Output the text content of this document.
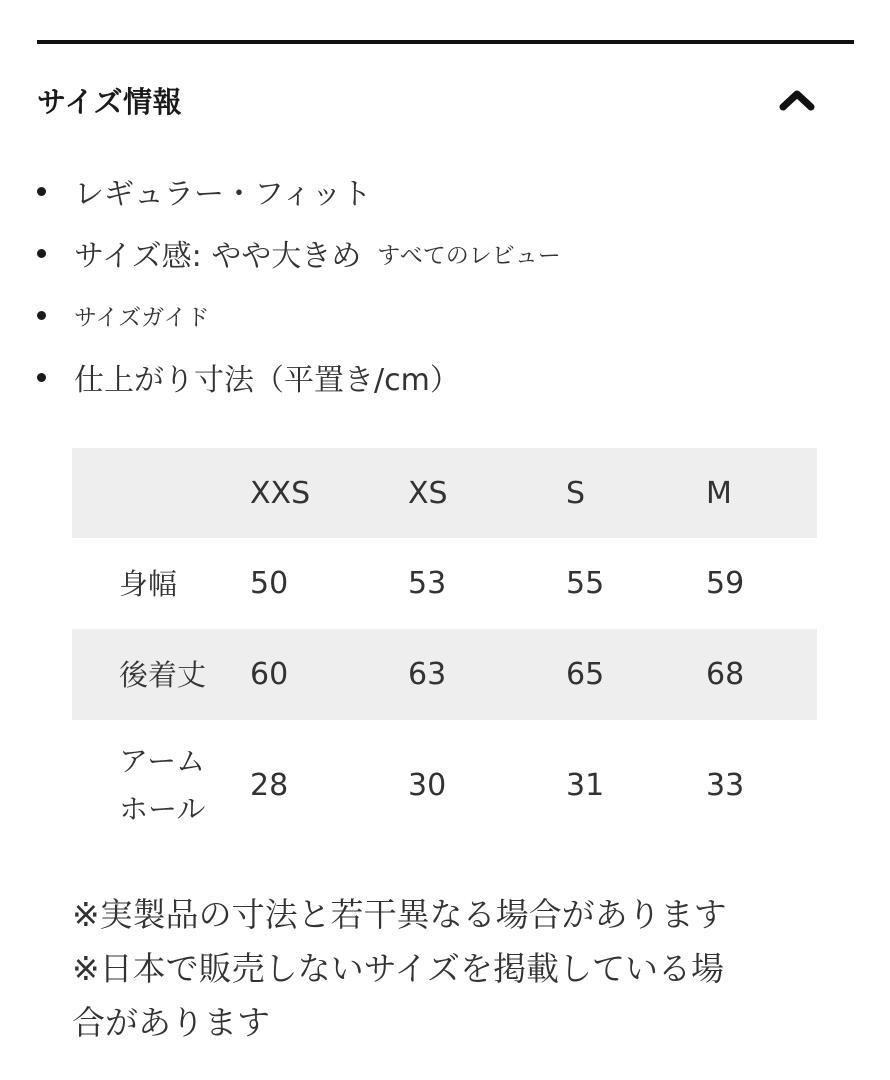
サイズ情報
レギュラー・フィット
サイズ感: やや大きめ すべてのレビュー
サイズガイド
仕上がり寸法（平置き/cm）
	XXS	XS	S	M
身幅	50	53	55	59
後着丈	60	63	65	68
アーム
ホール	28	30	31	33

※実製品の寸法と若干異なる場合があります

※日本で販売しないサイズを掲載している場

合があります
